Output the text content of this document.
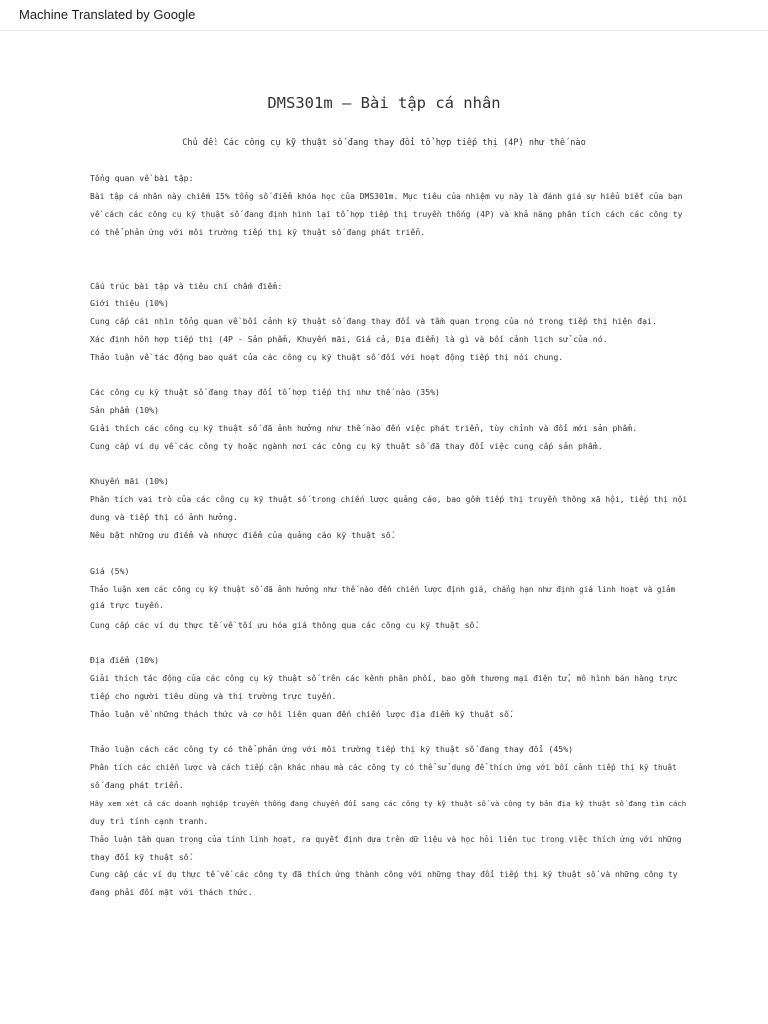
Machine Translated by Google
DMS301m – Bài tập cá nhân
Chủ đề: Các công cụ kỹ thuật số đang thay đổi tổ hợp tiếp thị (4P) như thế nào
Tổng quan về bài tập:
Bài tập cá nhân này chiếm 15% tổng số điểm khóa học của DMS301m. Mục tiêu của nhiệm vụ này là đánh giá sự hiểu biết của bạn
về cách các công cụ kỹ thuật số đang định hình lại tổ hợp tiếp thị truyền thống (4P) và khả năng phân tích cách các công ty
có thể phản ứng với môi trường tiếp thị kỹ thuật số đang phát triển.
Cấu trúc bài tập và tiêu chí chấm điểm:
Giới thiệu (10%)
Cung cấp cái nhìn tổng quan về bối cảnh kỹ thuật số đang thay đổi và tầm quan trọng của nó trong tiếp thị hiện đại.
Xác định hỗn hợp tiếp thị (4P - Sản phẩm, Khuyến mãi, Giá cả, Địa điểm) là gì và bối cảnh lịch sử của nó.
Thảo luận về tác động bao quát của các công cụ kỹ thuật số đối với hoạt động tiếp thị nói chung.
Các công cụ kỹ thuật số đang thay đổi tổ hợp tiếp thị như thế nào (35%)
Sản phẩm (10%)
Giải thích các công cụ kỹ thuật số đã ảnh hưởng như thế nào đến việc phát triển, tùy chỉnh và đổi mới sản phẩm.
Cung cấp ví dụ về các công ty hoặc ngành nơi các công cụ kỹ thuật số đã thay đổi việc cung cấp sản phẩm.
Khuyến mãi (10%)
Phân tích vai trò của các công cụ kỹ thuật số trong chiến lược quảng cáo, bao gồm tiếp thị truyền thông xã hội, tiếp thị nội
dung và tiếp thị có ảnh hưởng.
Nêu bật những ưu điểm và nhược điểm của quảng cáo kỹ thuật số.
Giá (5%)
Thảo luận xem các công cụ kỹ thuật số đã ảnh hưởng như thế nào đến chiến lược định giá, chẳng hạn như định giá linh hoạt và giảm
giá trực tuyến.
Cung cấp các ví dụ thực tế về tối ưu hóa giá thông qua các công cụ kỹ thuật số.
Địa điểm (10%)
Giải thích tác động của các công cụ kỹ thuật số trên các kênh phân phối, bao gồm thương mại điện tử, mô hình bán hàng trực
tiếp cho người tiêu dùng và thị trường trực tuyến.
Thảo luận về những thách thức và cơ hội liên quan đến chiến lược địa điểm kỹ thuật số.
Thảo luận cách các công ty có thể phản ứng với môi trường tiếp thị kỹ thuật số đang thay đổi (45%)
Phân tích các chiến lược và cách tiếp cận khác nhau mà các công ty có thể sử dụng để thích ứng với bối cảnh tiếp thị kỹ thuật
số đang phát triển.
Hãy xem xét cả các doanh nghiệp truyền thống đang chuyển đổi sang các công ty kỹ thuật số và công ty bản địa kỹ thuật số đang tìm cách
duy trì tính cạnh tranh.
Thảo luận tầm quan trọng của tính linh hoạt, ra quyết định dựa trên dữ liệu và học hỏi liên tục trong việc thích ứng với những
thay đổi kỹ thuật số.
Cung cấp các ví dụ thực tế về các công ty đã thích ứng thành công với những thay đổi tiếp thị kỹ thuật số và những công ty
đang phải đối mặt với thách thức.
